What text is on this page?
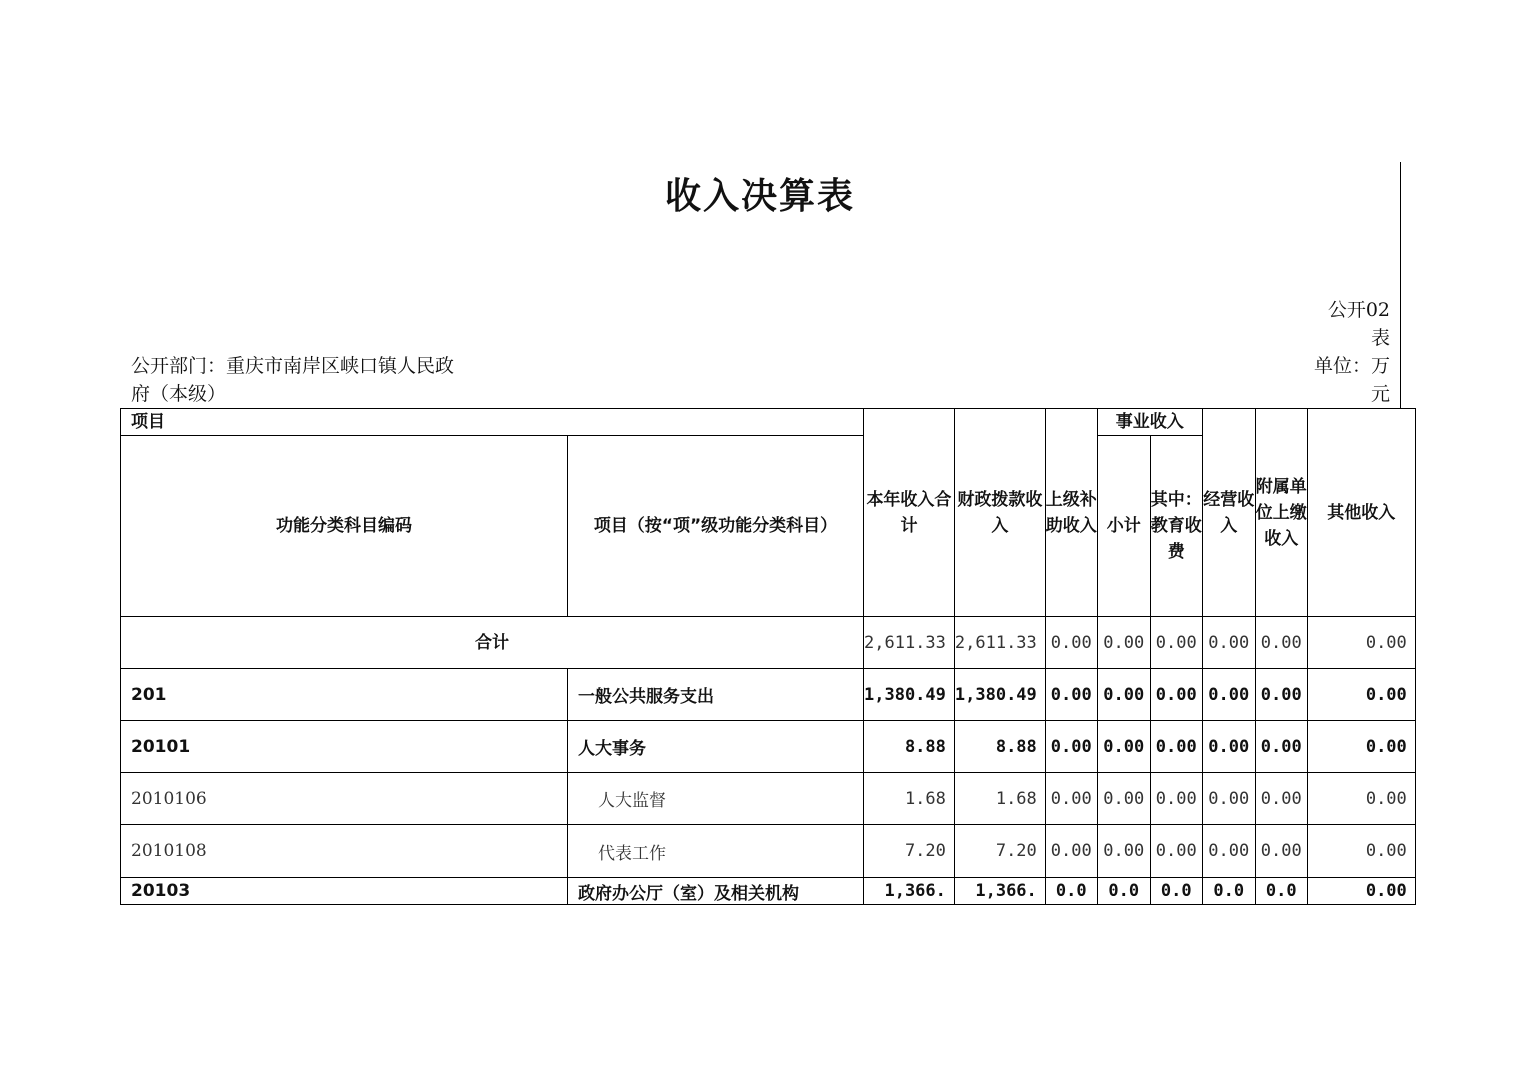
收入决算表
公开02
表
单位：万
元
公开部门：重庆市南岸区峡口镇人民政
府（本级）
项目		本年收入合计	财政拨款收入	上级补助收入	事业收入		经营收入	附属单位上缴收入	其他收入
功能分类科目编码	项目（按“项”级功能分类科目）				小计	其中：教育收费			
合计		2,611.33	2,611.33	0.00	0.00	0.00	0.00	0.00	0.00
201	一般公共服务支出	1,380.49	1,380.49	0.00	0.00	0.00	0.00	0.00	0.00
20101	人大事务	8.88	8.88	0.00	0.00	0.00	0.00	0.00	0.00
2010106	人大监督	1.68	1.68	0.00	0.00	0.00	0.00	0.00	0.00
2010108	代表工作	7.20	7.20	0.00	0.00	0.00	0.00	0.00	0.00
20103	政府办公厅（室）及相关机构	1,366.	1,366.	0.0	0.0	0.0	0.0	0.0	0.00
